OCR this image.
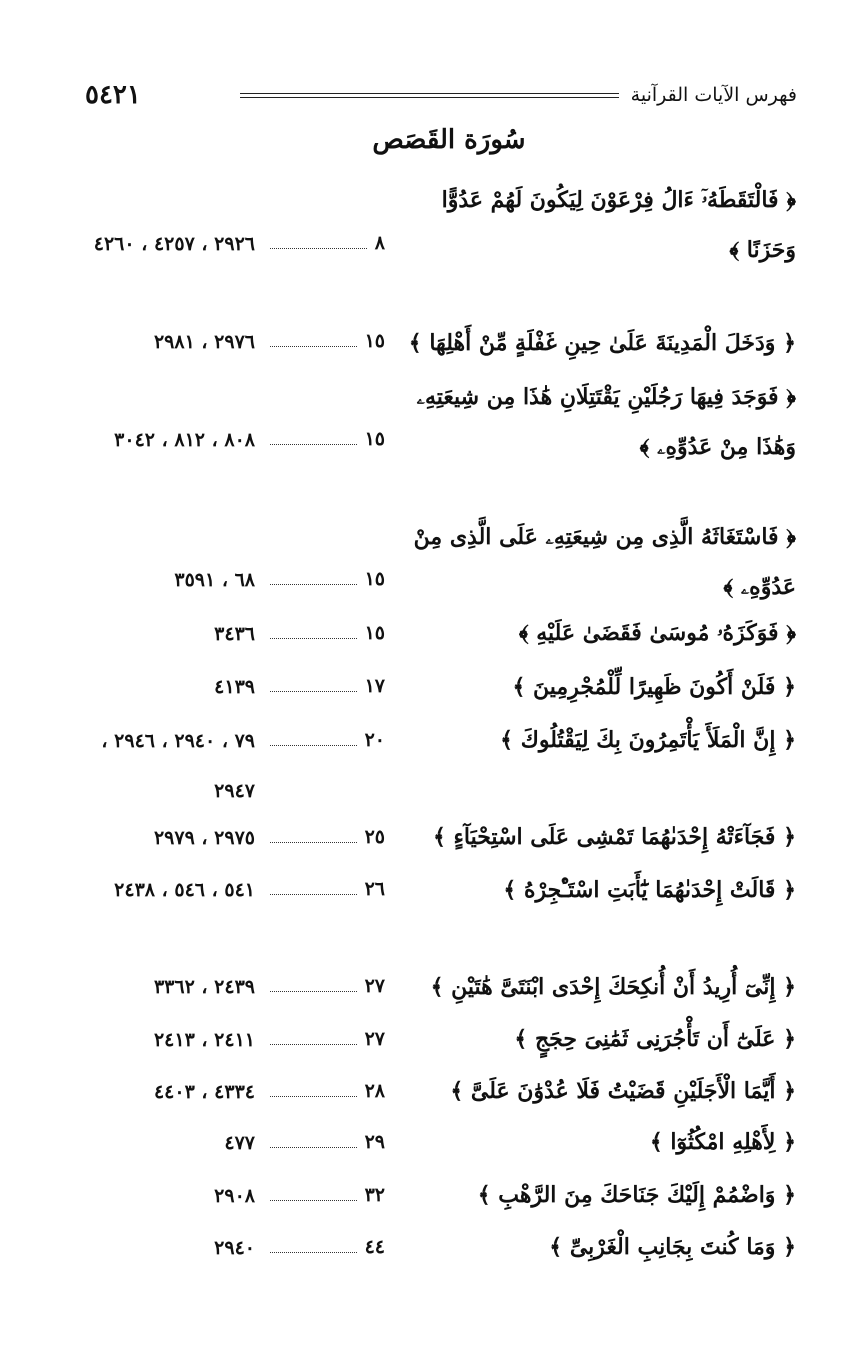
٥٤٢١	فهرس الآيات القرآنية
سُورَة القَصَص
﴿ فَالْتَقَطَهُۥٓ ءَالُ فِرْعَوْنَ لِيَكُونَ لَهُمْ عَدُوًّا وَحَزَنًا ﴾
٨
٢٩٢٦ ، ٤٢٥٧ ، ٤٢٦٠
﴿ وَدَخَلَ الْمَدِينَةَ عَلَىٰ حِينِ غَفْلَةٍ مِّنْ أَهْلِهَا ﴾
١٥
٢٩٧٦ ، ٢٩٨١
﴿ فَوَجَدَ فِيهَا رَجُلَيْنِ يَقْتَتِلَانِ هَٰذَا مِن شِيعَتِهِۦ وَهَٰذَا مِنْ عَدُوِّهِۦ ﴾
١٥
٨٠٨ ، ٨١٢ ، ٣٠٤٢
﴿ فَاسْتَغَاثَهُ الَّذِى مِن شِيعَتِهِۦ عَلَى الَّذِى مِنْ عَدُوِّهِۦ ﴾
١٥
٦٨ ، ٣٥٩١
﴿ فَوَكَزَهُۥ مُوسَىٰ فَقَضَىٰ عَلَيْهِ ﴾
١٥
٣٤٣٦
﴿ فَلَنْ أَكُونَ ظَهِيرًا لِّلْمُجْرِمِينَ ﴾
١٧
٤١٣٩
﴿ إِنَّ الْمَلَأَ يَأْتَمِرُونَ بِكَ لِيَقْتُلُوكَ ﴾
٢٠
٧٩ ، ٢٩٤٠ ، ٢٩٤٦ ، ٢٩٤٧
﴿ فَجَآءَتْهُ إِحْدَىٰهُمَا تَمْشِى عَلَى اسْتِحْيَآءٍ ﴾
٢٥
٢٩٧٥ ، ٢٩٧٩
﴿ قَالَتْ إِحْدَىٰهُمَا يَٰٓأَبَتِ اسْتَـْٔجِرْهُ ﴾
٢٦
٥٤١ ، ٥٤٦ ، ٢٤٣٨
﴿ إِنِّىٓ أُرِيدُ أَنْ أُنكِحَكَ إِحْدَى ابْنَتَىَّ هَٰتَيْنِ ﴾
٢٧
٢٤٣٩ ، ٣٣٦٢
﴿ عَلَىٰٓ أَن تَأْجُرَنِى ثَمَٰنِىَ حِجَجٍ ﴾
٢٧
٢٤١١ ، ٢٤١٣
﴿ أَيَّمَا الْأَجَلَيْنِ قَضَيْتُ فَلَا عُدْوَٰنَ عَلَىَّ ﴾
٢٨
٤٣٣٤ ، ٤٤٠٣
﴿ لِأَهْلِهِ امْكُثُوٓا ﴾
٢٩
٤٧٧
﴿ وَاضْمُمْ إِلَيْكَ جَنَاحَكَ مِنَ الرَّهْبِ ﴾
٣٢
٢٩٠٨
﴿ وَمَا كُنتَ بِجَانِبِ الْغَرْبِىِّ ﴾
٤٤
٢٩٤٠
